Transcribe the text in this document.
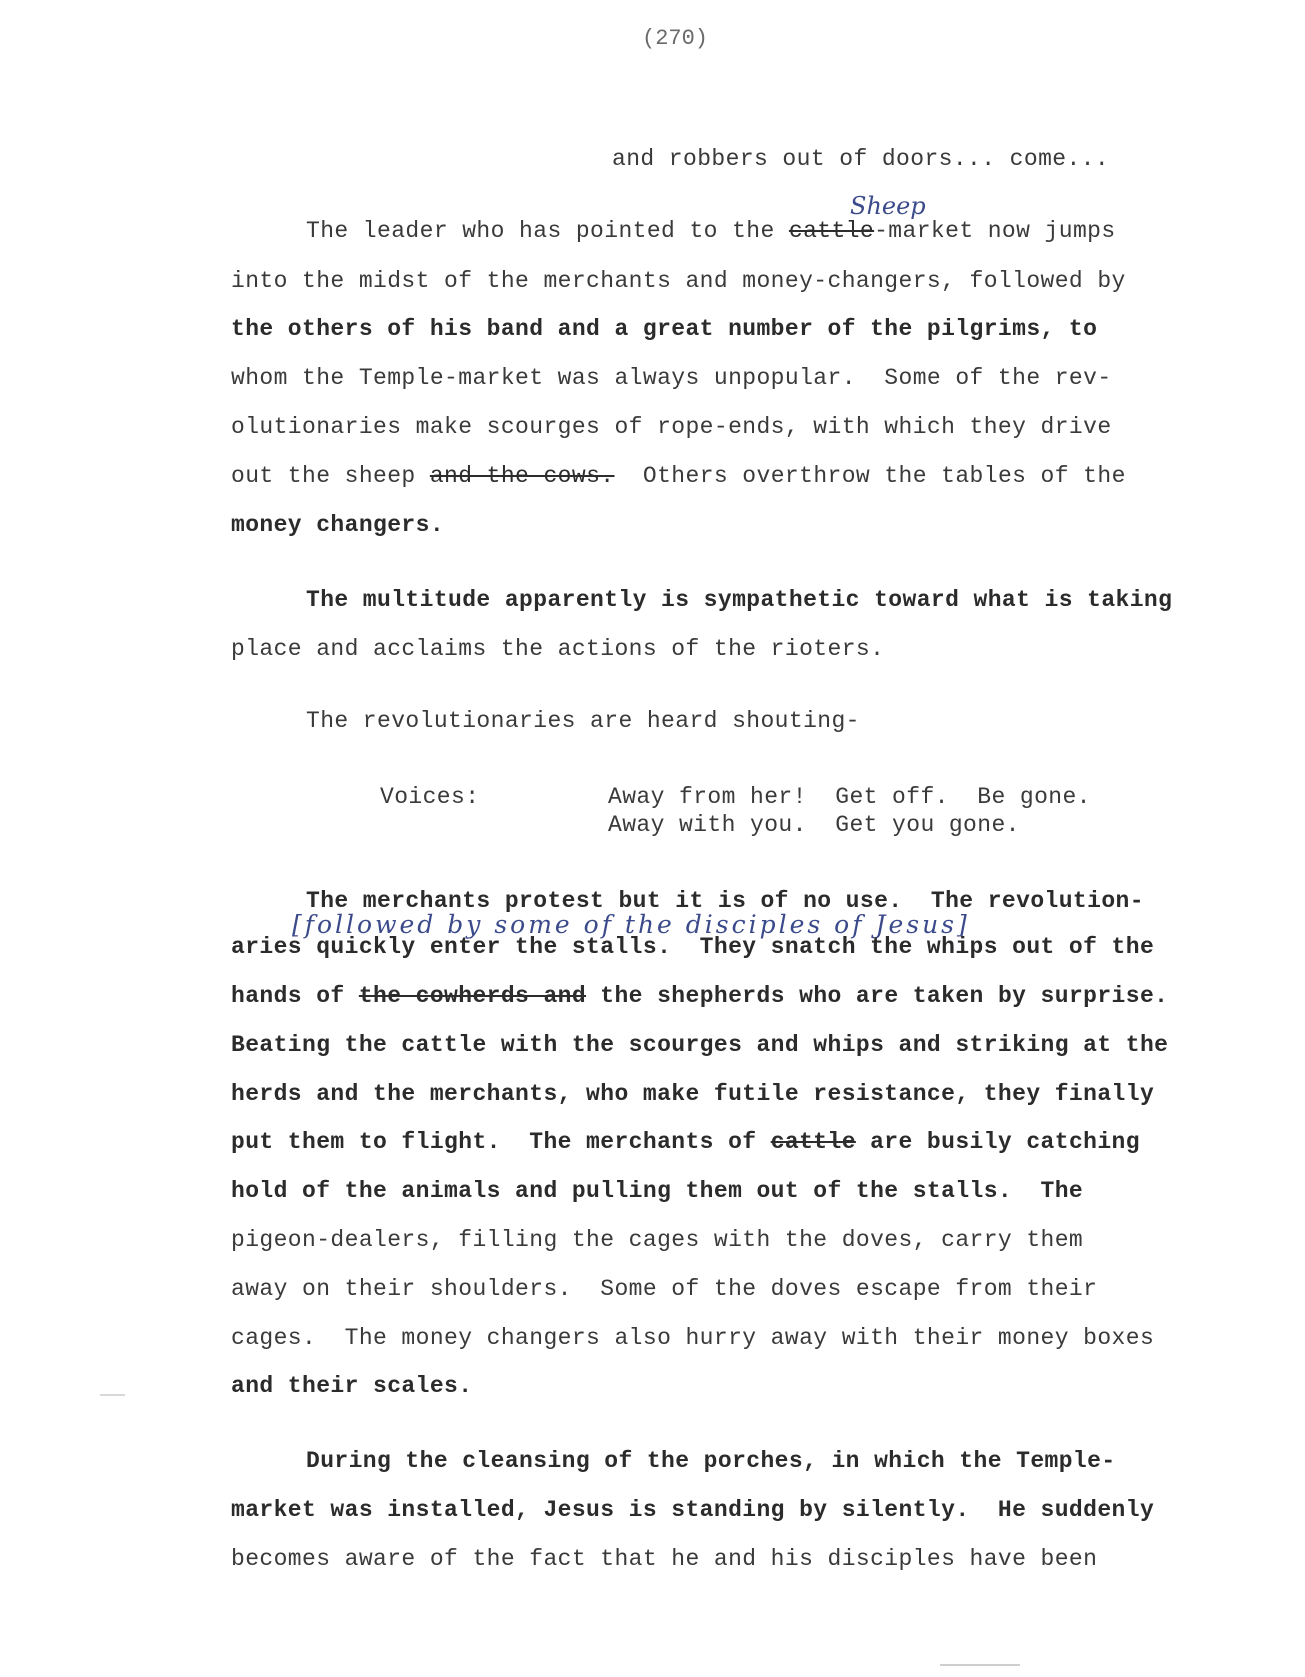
(270)
and robbers out of doors... come...
Sheep
The leader who has pointed to the cattle-market now jumps
into the midst of the merchants and money-changers, followed by
the others of his band and a great number of the pilgrims, to
whom the Temple-market was always unpopular.  Some of the rev-
olutionaries make scourges of rope-ends, with which they drive
out the sheep and the cows.  Others overthrow the tables of the
money changers.
The multitude apparently is sympathetic toward what is taking
place and acclaims the actions of the rioters.
The revolutionaries are heard shouting-
Voices:	Away from her!  Get off.  Be gone.
Away with you.  Get you gone.
The merchants protest but it is of no use.  The revolution-
[followed by some of the disciples of Jesus]
aries quickly enter the stalls.  They snatch the whips out of the
hands of the cowherds and the shepherds who are taken by surprise.
Beating the cattle with the scourges and whips and striking at the
herds and the merchants, who make futile resistance, they finally
put them to flight.  The merchants of cattle are busily catching
hold of the animals and pulling them out of the stalls.  The
pigeon-dealers, filling the cages with the doves, carry them
away on their shoulders.  Some of the doves escape from their
cages.  The money changers also hurry away with their money boxes
and their scales.
During the cleansing of the porches, in which the Temple-
market was installed, Jesus is standing by silently.  He suddenly
becomes aware of the fact that he and his disciples have been
